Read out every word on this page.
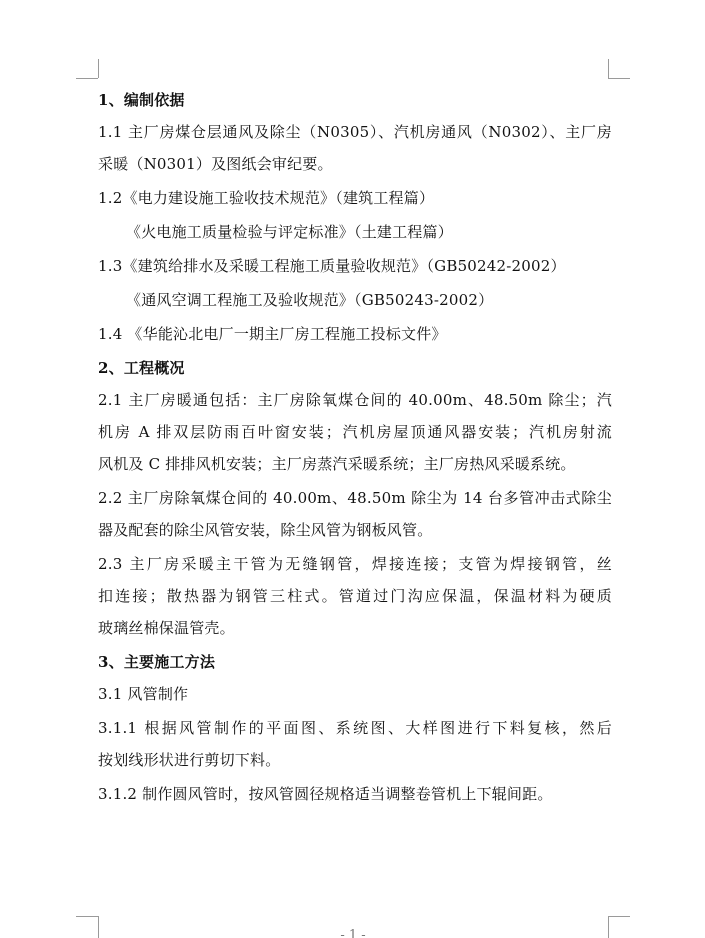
1、编制依据
1.1 主厂房煤仓层通风及除尘（N0305）、汽机房通风（N0302）、主厂房
采暖（N0301）及图纸会审纪要。
1.2《电力建设施工验收技术规范》（建筑工程篇）
《火电施工质量检验与评定标准》（土建工程篇）
1.3《建筑给排水及采暖工程施工质量验收规范》（GB50242-2002）
《通风空调工程施工及验收规范》（GB50243-2002）
1.4 《华能沁北电厂一期主厂房工程施工投标文件》
2、工程概况
2.1 主厂房暖通包括：主厂房除氧煤仓间的 40.00m、48.50m 除尘；汽
机房 A 排双层防雨百叶窗安装；汽机房屋顶通风器安装；汽机房射流
风机及 C 排排风机安装；主厂房蒸汽采暖系统；主厂房热风采暖系统。
2.2 主厂房除氧煤仓间的 40.00m、48.50m 除尘为 14 台多管冲击式除尘
器及配套的除尘风管安装，除尘风管为钢板风管。
2.3 主厂房采暖主干管为无缝钢管，焊接连接；支管为焊接钢管，丝
扣连接；散热器为钢管三柱式。管道过门沟应保温，保温材料为硬质
玻璃丝棉保温管壳。
3、主要施工方法
3.1 风管制作
3.1.1 根据风管制作的平面图、系统图、大样图进行下料复核，然后
按划线形状进行剪切下料。
3.1.2 制作圆风管时，按风管圆径规格适当调整卷管机上下辊间距。
- 1 -
